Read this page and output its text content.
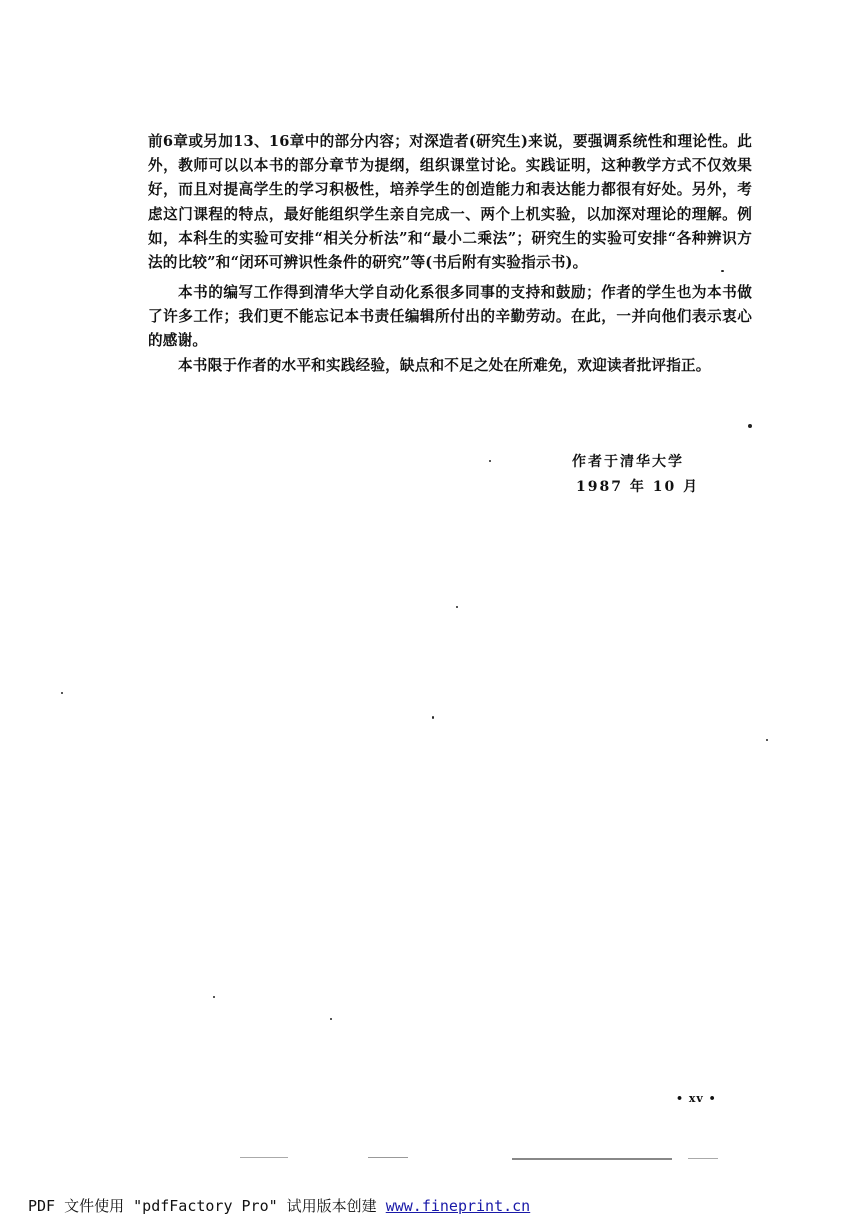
前6章或另加13、16章中的部分内容；对深造者(研究生)来说，要强调系统性和理论性。此外，教师可以以本书的部分章节为提纲，组织课堂讨论。实践证明，这种教学方式不仅效果好，而且对提高学生的学习积极性，培养学生的创造能力和表达能力都很有好处。另外，考虑这门课程的特点，最好能组织学生亲自完成一、两个上机实验，以加深对理论的理解。例如，本科生的实验可安排“相关分析法”和“最小二乘法”；研究生的实验可安排“各种辨识方法的比较”和“闭环可辨识性条件的研究”等(书后附有实验指示书)。

本书的编写工作得到清华大学自动化系很多同事的支持和鼓励；作者的学生也为本书做了许多工作；我们更不能忘记本书责任编辑所付出的辛勤劳动。在此，一并向他们表示衷心的感谢。

本书限于作者的水平和实践经验，缺点和不足之处在所难免，欢迎读者批评指正。

作者于清华大学
1987 年 10 月
• xv •
PDF 文件使用 "pdfFactory Pro" 试用版本创建 www.fineprint.cn
